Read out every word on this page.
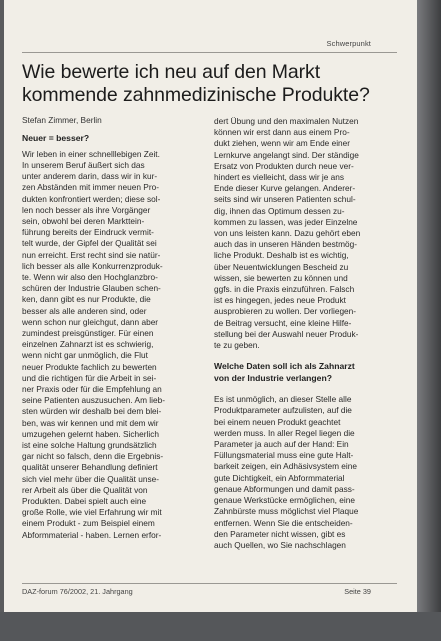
Schwerpunkt
Wie bewerte ich neu auf den Markt
kommende zahnmedizinische Produkte?
Stefan Zimmer, Berlin
Neuer = besser?
Wir leben in einer schnelllebigen Zeit.
In unserem Beruf äußert sich das
unter anderem darin, dass wir in kur-
zen Abständen mit immer neuen Pro-
dukten konfrontiert werden; diese sol-
len noch besser als ihre Vorgänger
sein, obwohl bei deren Markttein-
führung bereits der Eindruck vermit-
telt wurde, der Gipfel der Qualität sei
nun erreicht. Erst recht sind sie natür-
lich besser als alle Konkurrenzproduk-
te. Wenn wir also den Hochglanzbro-
schüren der Industrie Glauben schen-
ken, dann gibt es nur Produkte, die
besser als alle anderen sind, oder
wenn schon nur gleichgut, dann aber
zumindest preisgünstiger. Für einen
einzelnen Zahnarzt ist es schwierig,
wenn nicht gar unmöglich, die Flut
neuer Produkte fachlich zu bewerten
und die richtigen für die Arbeit in sei-
ner Praxis oder für die Empfehlung an
seine Patienten auszusuchen. Am lieb-
sten würden wir deshalb bei dem blei-
ben, was wir kennen und mit dem wir
umzugehen gelernt haben. Sicherlich
ist eine solche Haltung grundsätzlich
gar nicht so falsch, denn die Ergebnis-
qualität unserer Behandlung definiert
sich viel mehr über die Qualität unse-
rer Arbeit als über die Qualität von
Produkten. Dabei spielt auch eine
große Rolle, wie viel Erfahrung wir mit
einem Produkt - zum Beispiel einem
Abformmaterial - haben. Lernen erfor-
dert Übung und den maximalen Nutzen
können wir erst dann aus einem Pro-
dukt ziehen, wenn wir am Ende einer
Lernkurve angelangt sind. Der ständige
Ersatz von Produkten durch neue ver-
hindert es vielleicht, dass wir je ans
Ende dieser Kurve gelangen. Anderer-
seits sind wir unseren Patienten schul-
dig, ihnen das Optimum dessen zu-
kommen zu lassen, was jeder Einzelne
von uns leisten kann. Dazu gehört eben
auch das in unseren Händen bestmög-
liche Produkt. Deshalb ist es wichtig,
über Neuentwicklungen Bescheid zu
wissen, sie bewerten zu können und
ggfs. in die Praxis einzuführen. Falsch
ist es hingegen, jedes neue Produkt
ausprobieren zu wollen. Der vorliegen-
de Beitrag versucht, eine kleine Hilfe-
stellung bei der Auswahl neuer Produk-
te zu geben.
Welche Daten soll ich als Zahnarzt
von der Industrie verlangen?
Es ist unmöglich, an dieser Stelle alle
Produktparameter aufzulisten, auf die
bei einem neuen Produkt geachtet
werden muss. In aller Regel liegen die
Parameter ja auch auf der Hand: Ein
Füllungsmaterial muss eine gute Halt-
barkeit zeigen, ein Adhäsivsystem eine
gute Dichtigkeit, ein Abformmaterial
genaue Abformungen und damit pass-
genaue Werkstücke ermöglichen, eine
Zahnbürste muss möglichst viel Plaque
entfernen. Wenn Sie die entscheiden-
den Parameter nicht wissen, gibt es
auch Quellen, wo Sie nachschlagen
DAZ-forum 76/2002, 21. Jahrgang	Seite 39
